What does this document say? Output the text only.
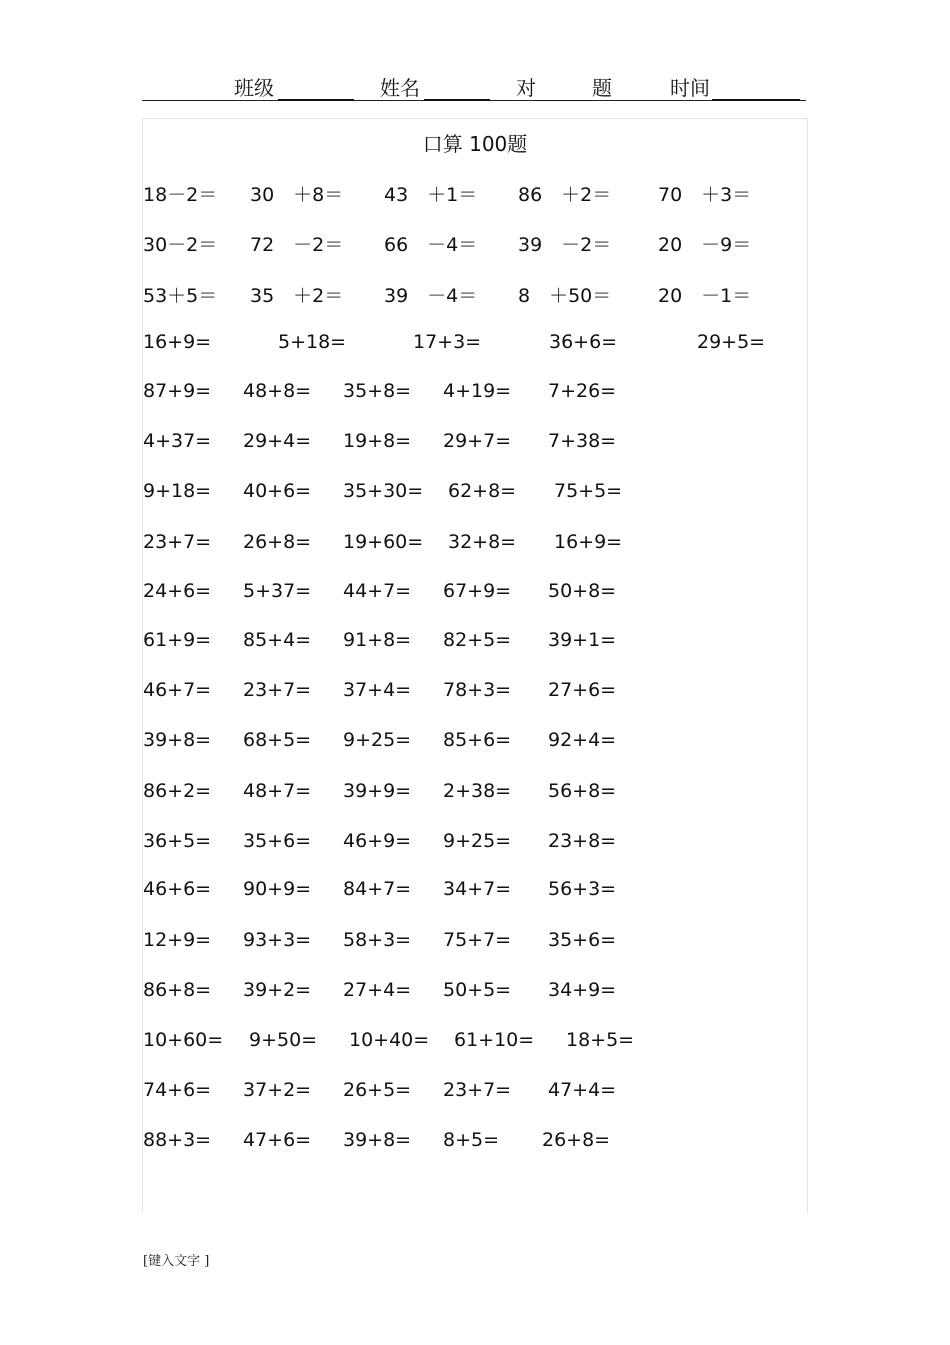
班级	姓名	对	题	时间
口算 100题
18－2＝ 30　＋8＝ 43　＋1＝ 86　＋2＝ 70　＋3＝
30－2＝ 72　－2＝ 66　－4＝ 39　－2＝ 20　－9＝
53＋5＝ 35　＋2＝ 39　－4＝ 8　＋50＝ 20　－1＝
16+9=	5+18=	17+3=	36+6=	29+5=
87+9= 48+8= 35+8= 4+19= 7+26=
4+37= 29+4= 19+8= 29+7= 7+38=
9+18= 40+6= 35+30= 62+8= 75+5=
23+7= 26+8= 19+60= 32+8= 16+9=
24+6= 5+37= 44+7= 67+9= 50+8=
61+9= 85+4= 91+8= 82+5= 39+1=
46+7= 23+7= 37+4= 78+3= 27+6=
39+8= 68+5= 9+25= 85+6= 92+4=
86+2= 48+7= 39+9= 2+38= 56+8=
36+5= 35+6= 46+9= 9+25= 23+8=
46+6= 90+9= 84+7= 34+7= 56+3=
12+9= 93+3= 58+3= 75+7= 35+6=
86+8= 39+2= 27+4= 50+5= 34+9=
10+60= 9+50= 10+40= 61+10= 18+5=
74+6= 37+2= 26+5= 23+7= 47+4=
88+3= 47+6= 39+8= 8+5= 26+8=
[键入文字 ]
